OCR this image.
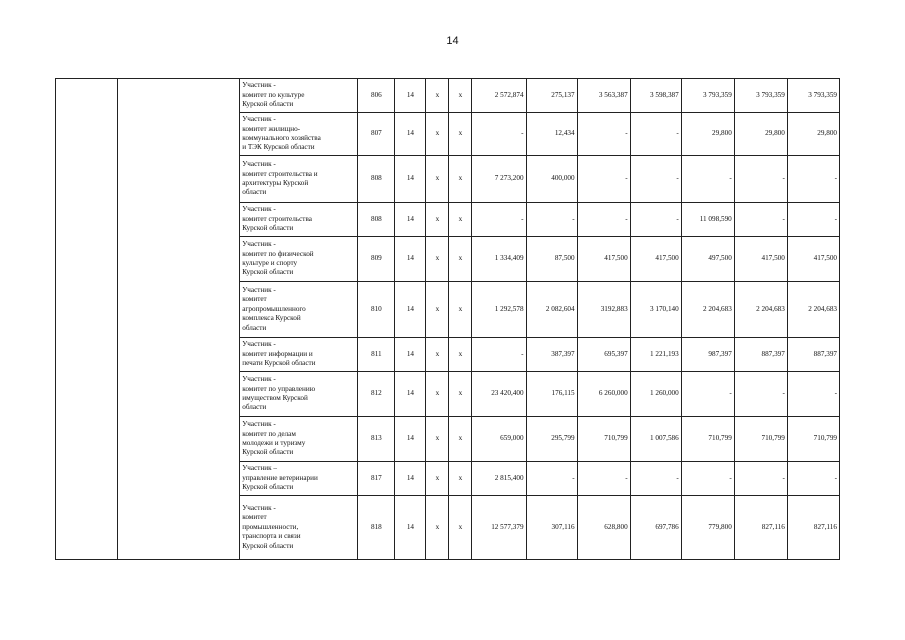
14
		Участник -
комитет по культуре
Курской области	806	14	x	x	2 572,874	275,137	3 563,387	3 598,387	3 793,359	3 793,359	3 793,359
		Участник -
комитет жилищно-
коммунального хозяйства
и ТЭК Курской области	807	14	x	x	-	12,434	-	-	29,800	29,800	29,800
		Участник -
комитет строительства и
архитектуры Курской
области	808	14	x	x	7 273,200	400,000	-	-	-	-	-
		Участник -
комитет строительства
Курской области	808	14	x	x	-	-	-	-	11 098,590	-	-
		Участник -
комитет по физической
культуре и спорту
Курской области	809	14	x	x	1 334,409	87,500	417,500	417,500	497,500	417,500	417,500
		Участник -
комитет
агропромышленного
комплекса Курской
области	810	14	x	x	1 292,578	2 082,604	3192,883	3 170,140	2 204,683	2 204,683	2 204,683
		Участник -
комитет информации и
печати Курской области	811	14	x	x	-	387,397	695,397	1 221,193	987,397	887,397	887,397
		Участник -
комитет по управлению
имуществом Курской
области	812	14	x	x	23 420,400	176,115	6 260,000	1 260,000	-	-	-
		Участник -
комитет по делам
молодежи и туризму
Курской области	813	14	x	x	659,000	295,799	710,799	1 007,586	710,799	710,799	710,799
		Участник –
управление ветеринарии
Курской области	817	14	x	x	2 815,400	-	-	-	-	-	-
		Участник -
комитет
промышленности,
транспорта и связи
Курской области	818	14	x	x	12 577,379	307,116	628,800	697,786	779,800	827,116	827,116
